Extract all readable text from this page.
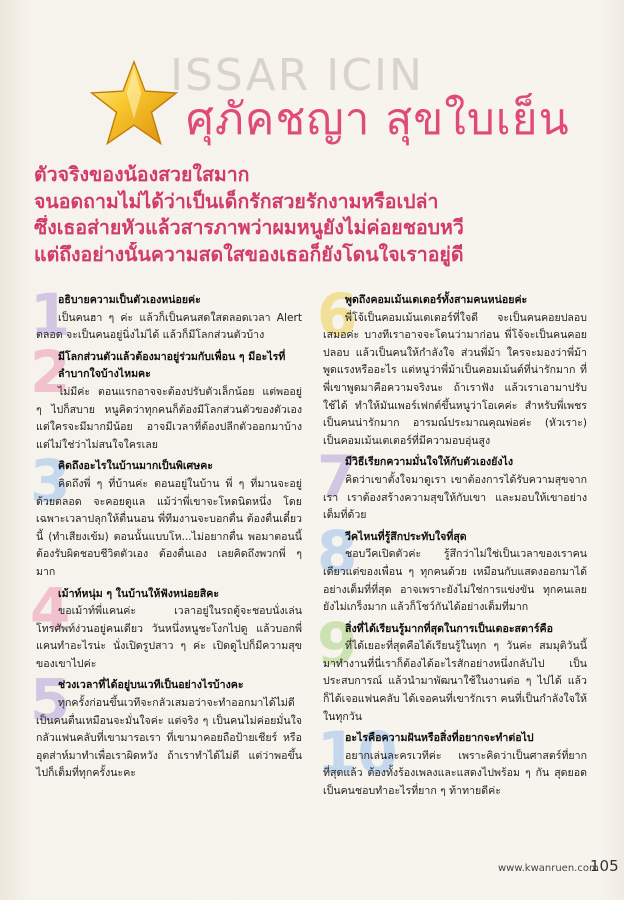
ISSAR ICIN
ศุภัคชญา สุขใบเย็น
ตัวจริงของน้องสวยใสมาก
จนอดถามไม่ได้ว่าเป็นเด็กรักสวยรักงามหรือเปล่า
ซึ่งเธอส่ายหัวแล้วสารภาพว่าผมหนูยังไม่ค่อยชอบหวี
แต่ถึงอย่างนั้นความสดใสของเธอก็ยังโดนใจเราอยู่ดี
1
อธิบายความเป็นตัวเองหน่อยค่ะ
เป็นคนฮา ๆ ค่ะ แล้วก็เป็นคนสดใสตลอดเวลา Alert ตลอด จะเป็นคนอยู่นิ่งไม่ได้ แล้วก็มีโลกส่วนตัวบ้าง
2
มีโลกส่วนตัวแล้วต้องมาอยู่ร่วมกับเพื่อน ๆ มีอะไรที่ลำบากใจบ้างไหมคะ
ไม่มีค่ะ ตอนแรกอาจจะต้องปรับตัวเล็กน้อย แต่พออยู่ ๆ ไปก็สบาย หนูคิดว่าทุกคนก็ต้องมีโลกส่วนตัวของตัวเองแต่ใครจะมีมากมีน้อย อาจมีเวลาที่ต้องปลีกตัวออกมาบ้างแต่ไม่ใช่ว่าไม่สนใจใครเลย
3
คิดถึงอะไรในบ้านมากเป็นพิเศษคะ
คิดถึงพี่ ๆ ที่บ้านค่ะ ตอนอยู่ในบ้าน พี่ ๆ ที่มานจะอยู่ด้วยตลอด จะคอยดูแล แม้ว่าพี่เขาจะโหดนิดหนึ่ง โดยเฉพาะเวลาปลุกให้ตื่นนอน พี่ทีมงานจะบอกตื่น ต้องตื่นเดี๋ยวนี้ (ทำเสียงเข้ม) ตอนนั้นแบบโห...ไม่อยากตื่น พอมาตอนนี้ต้องรับผิดชอบชีวิตตัวเอง ต้องตื่นเอง เลยคิดถึงพวกพี่ ๆ มาก
4
เม้าท์หนุ่ม ๆ ในบ้านให้ฟังหน่อยสิคะ
ขอเม้าท์พี่แคนค่ะ เวลาอยู่ในรถตู้จะชอบนั่งเล่นโทรศัพท์ง่วนอยู่คนเดียว วันหนึ่งหนูชะโงกไปดู แล้วบอกพี่แคนทำอะไรน่ะ นั่งเปิดรูปสาว ๆ ค่ะ เปิดดูไปก็มีความสุขของเขาไปค่ะ
5
ช่วงเวลาที่ได้อยู่บนเวทีเป็นอย่างไรบ้างคะ
ทุกครั้งก่อนขึ้นเวทีจะกลัวเสมอว่าจะทำออกมาได้ไม่ดี เป็นคนตื่นเหมือนจะมั่นใจค่ะ แต่จริง ๆ เป็นคนไม่ค่อยมั่นใจ กลัวแฟนคลับที่เขามารอเรา ที่เขามาคอยถือป้ายเชียร์ หรืออุตส่าห์มาทำเพื่อเราผิดหวัง ถ้าเราทำได้ไม่ดี แต่ว่าพอขึ้นไปก็เต็มที่ทุกครั้งนะคะ
6
พูดถึงคอมเม้นเตเตอร์ทั้งสามคนหน่อยค่ะ
พี่โจ้เป็นคอมเม้นเตเตอร์ที่ใจดี จะเป็นคนคอยปลอบเสมอค่ะ บางทีเราอาจจะโดนว่ามาก่อน พี่โจ้จะเป็นคนคอยปลอบ แล้วเป็นคนให้กำลังใจ ส่วนพี่ม้า ใครจะมองว่าพี่ม้าพูดแรงหรืออะไร แต่หนูว่าพี่ม้าเป็นคอมเม้นต์ที่น่ารักมาก ที่พี่เขาพูดมาคือความจริงนะ ถ้าเราฟัง แล้วเราเอามาปรับใช้ได้ ทำให้มันเพอร์เฟกต์ขึ้นหนูว่าโอเคค่ะ สำหรับพี่เพชร เป็นคนน่ารักมาก อารมณ์ประมาณคุณพ่อค่ะ (หัวเราะ) เป็นคอมเม้นเตเตอร์ที่มีความอบอุ่นสูง
7
มีวิธีเรียกความมั่นใจให้กับตัวเองยังไง
คิดว่าเขาตั้งใจมาดูเรา เขาต้องการได้รับความสุขจากเรา เราต้องสร้างความสุขให้กับเขา และมอบให้เขาอย่างเต็มที่ด้วย
8
วีคไหนที่รู้สึกประทับใจที่สุด
ชอบวีคเปิดตัวค่ะ รู้สึกว่าไม่ใช่เป็นเวลาของเราคนเดียวแต่ของเพื่อน ๆ ทุกคนด้วย เหมือนกับแสดงออกมาได้อย่างเต็มที่ที่สุด อาจเพราะยังไม่ใช่การแข่งขัน ทุกคนเลยยังไม่เกร็งมาก แล้วก็โชว์กันได้อย่างเต็มที่มาก
9
สิ่งที่ได้เรียนรู้มากที่สุดในการเป็นเดอะสตาร์คือ
ที่ได้เยอะที่สุดคือได้เรียนรู้ในทุก ๆ วันค่ะ สมมุติวันนี้มาทำงานที่นี่เราก็ต้องได้อะไรสักอย่างหนึ่งกลับไป เป็นประสบการณ์ แล้วนำมาพัฒนาใช้ในงานต่อ ๆ ไปได้ แล้วก็ได้เจอแฟนคลับ ได้เจอคนที่เขารักเรา คนที่เป็นกำลังใจให้ในทุกวัน
10
อะไรคือความฝันหรือสิ่งที่อยากจะทำต่อไป
อยากเล่นละครเวทีค่ะ เพราะคิดว่าเป็นศาสตร์ที่ยากที่สุดแล้ว ต้องทั้งร้องเพลงและแสดงไปพร้อม ๆ กัน สุดยอดเป็นคนชอบทำอะไรที่ยาก ๆ ท้าทายดีค่ะ
www.kwanruen.com
105
